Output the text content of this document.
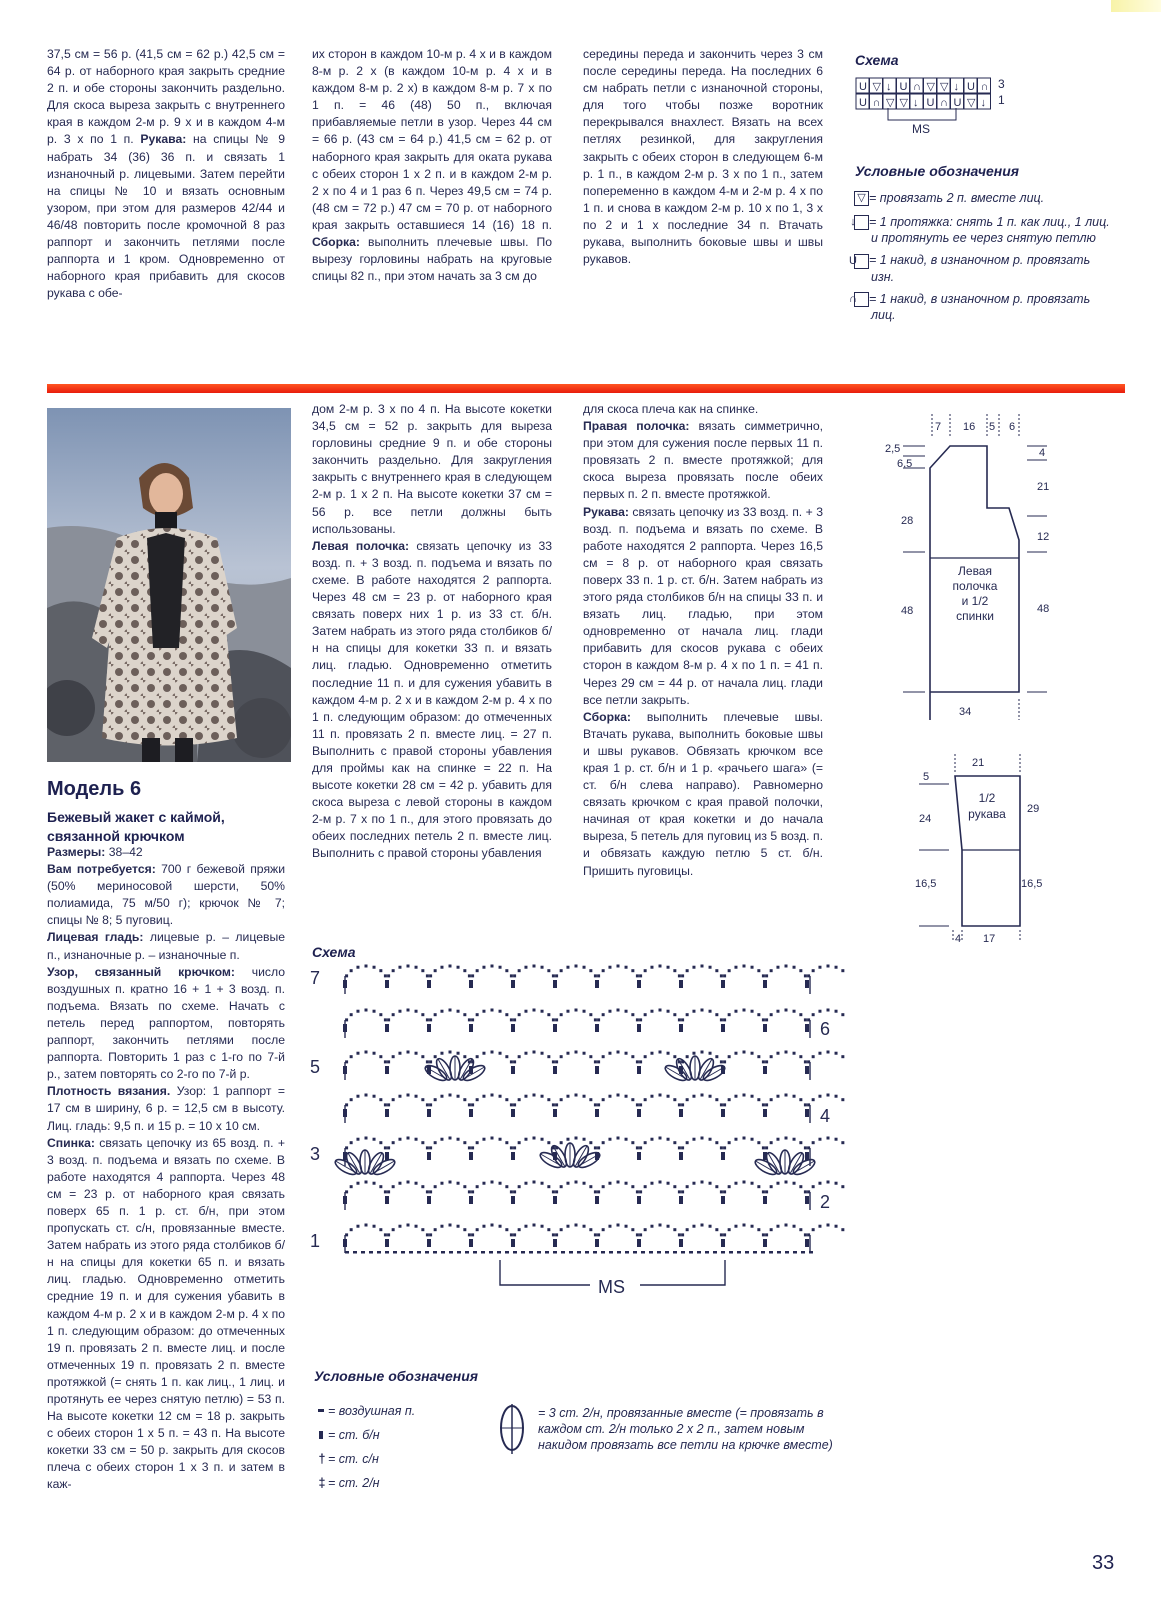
37,5 см = 56 р. (41,5 см = 62 р.) 42,5 см = 64 р. от наборного края закрыть средние 2 п. и обе стороны закончить раздельно. Для скоса выреза закрыть с внутреннего края в каждом 2-м р. 9 х и в каждом 4-м р. 3 х по 1 п. Рукава: на спицы № 9 набрать 34 (36) 36 п. и связать 1 изнаночный р. лицевыми. Затем перейти на спицы № 10 и вязать основным узором, при этом для размеров 42/44 и 46/48 повторить после кромочной 8 раз раппорт и закончить петлями после раппорта и 1 кром. Одновременно от наборного края прибавить для скосов рукава с обе-

их сторон в каждом 10-м р. 4 х и в каждом 8-м р. 2 х (в каждом 10-м р. 4 х и в каждом 8-м р. 2 х) в каждом 8-м р. 7 х по 1 п. = 46 (48) 50 п., включая прибавляемые петли в узор. Через 44 см = 66 р. (43 см = 64 р.) 41,5 см = 62 р. от наборного края закрыть для оката рукава с обеих сторон 1 х 2 п. и в каждом 2-м р. 2 х по 4 и 1 раз 6 п. Через 49,5 см = 74 р. (48 см = 72 р.) 47 см = 70 р. от наборного края закрыть оставшиеся 14 (16) 18 п. Сборка: выполнить плечевые швы. По вырезу горловины набрать на круговые спицы 82 п., при этом начать за 3 см до

середины переда и закончить через 3 см после середины переда. На последних 6 см набрать петли с изнаночной стороны, для того чтобы позже воротник перекрывался внахлест. Вязать на всех петлях резинкой, для закругления закрыть с обеих сторон в следующем 6-м р. 1 п., в каждом 2-м р. 3 х по 1 п., затем попеременно в каждом 4-м и 2-м р. 4 х по 1 п. и снова в каждом 2-м р. 10 х по 1, 3 х по 2 и 1 х последние 34 п. Втачать рукава, выполнить боковые швы и швы рукавов.

Схема
U ▽ ↓ U ∩ ▽ ▽ ↓ U ∩
U ∩ ▽ ▽ ↓ U ∩ U ▽ ↓
3
1
MS
Условные обозначения
▽ = провязать 2 п. вместе лиц.
↓ = 1 протяжка: снять 1 п. как лиц., 1 лиц. и протянуть ее через снятую петлю
U = 1 накид, в изнаночном р. провязать изн.
∩ = 1 накид, в изнаночном р. провязать лиц.
Модель 6
Бежевый жакет с каймой, связанной крючком

Размеры: 38–42

Вам потребуется: 700 г бежевой пряжи (50% мериносовой шерсти, 50% полиамида, 75 м/50 г); крючок № 7; спицы № 8; 5 пуговиц.

Лицевая гладь: лицевые р. – лицевые п., изнаночные р. – изнаночные п.

Узор, связанный крючком: число воздушных п. кратно 16 + 1 + 3 возд. п. подъема. Вязать по схеме. Начать с петель перед раппортом, повторять раппорт, закончить петлями после раппорта. Повторить 1 раз с 1-го по 7-й р., затем повторять со 2-го по 7-й р.

Плотность вязания. Узор: 1 раппорт = 17 см в ширину, 6 р. = 12,5 см в высоту. Лиц. гладь: 9,5 п. и 15 р. = 10 х 10 см.

Спинка: связать цепочку из 65 возд. п. + 3 возд. п. подъема и вязать по схеме. В работе находятся 4 раппорта. Через 48 см = 23 р. от наборного края связать поверх 65 п. 1 р. ст. б/н, при этом пропускать ст. с/н, провязанные вместе. Затем набрать из этого ряда столбиков б/н на спицы для кокетки 65 п. и вязать лиц. гладью. Одновременно отметить средние 19 п. и для сужения убавить в каждом 4-м р. 2 х и в каждом 2-м р. 4 х по 1 п. следующим образом: до отмеченных 19 п. провязать 2 п. вместе лиц. и после отмеченных 19 п. провязать 2 п. вместе протяжкой (= снять 1 п. как лиц., 1 лиц. и протянуть ее через снятую петлю) = 53 п. На высоте кокетки 12 см = 18 р. закрыть с обеих сторон 1 х 5 п. = 43 п. На высоте кокетки 33 см = 50 р. закрыть для скосов плеча с обеих сторон 1 х 3 п. и затем в каж-

дом 2-м р. 3 х по 4 п. На высоте кокетки 34,5 см = 52 р. закрыть для выреза горловины средние 9 п. и обе стороны закончить раздельно. Для закругления закрыть с внутреннего края в следующем 2-м р. 1 х 2 п. На высоте кокетки 37 см = 56 р. все петли должны быть использованы.

Левая полочка: связать цепочку из 33 возд. п. + 3 возд. п. подъема и вязать по схеме. В работе находятся 2 раппорта. Через 48 см = 23 р. от наборного края связать поверх них 1 р. из 33 ст. б/н. Затем набрать из этого ряда столбиков б/н на спицы для кокетки 33 п. и вязать лиц. гладью. Одновременно отметить последние 11 п. и для сужения убавить в каждом 4-м р. 2 х и в каждом 2-м р. 4 х по 1 п. следующим образом: до отмеченных 11 п. провязать 2 п. вместе лиц. = 27 п. Выполнить с правой стороны убавления для проймы как на спинке = 22 п. На высоте кокетки 28 см = 42 р. убавить для скоса выреза с левой стороны в каждом 2-м р. 7 х по 1 п., для этого провязать до обеих последних петель 2 п. вместе лиц. Выполнить с правой стороны убавления

для скоса плеча как на спинке.

Правая полочка: вязать симметрично, при этом для сужения после первых 11 п. провязать 2 п. вместе протяжкой; для скоса выреза провязать после обеих первых п. 2 п. вместе протяжкой.

Рукава: связать цепочку из 33 возд. п. + 3 возд. п. подъема и вязать по схеме. В работе находятся 2 раппорта. Через 16,5 см = 8 р. от наборного края связать поверх 33 п. 1 р. ст. б/н. Затем набрать из этого ряда столбиков б/н на спицы 33 п. и вязать лиц. гладью, при этом одновременно от начала лиц. глади прибавить для скосов рукава с обеих сторон в каждом 8-м р. 4 х по 1 п. = 41 п. Через 29 см = 44 р. от начала лиц. глади все петли закрыть.

Сборка: выполнить плечевые швы. Втачать рукава, выполнить боковые швы и швы рукавов. Обвязать крючком все края 1 р. ст. б/н и 1 р. «рачьего шага» (= ст. б/н слева направо). Равномерно связать крючком с края правой полочки, начиная от края кокетки и до начала выреза, 5 петель для пуговиц из 5 возд. п. и обвязать каждую петлю 5 ст. б/н. Пришить пуговицы.

7 16 5 6
2,5
6,5
28
48
4
21
12
48
34
Левая
полочка
и 1/2
спинки
21
5
24
16,5
29
16,5
4 17
1/2
рукава
Схема
7
5
3
1
6
4
2
MS
Условные обозначения
= воздушная п.
= ст. б/н
† = ст. с/н
‡ = ст. 2/н
= 3 ст. 2/н, провязанные вместе (= провязать в каждом ст. 2/н только 2 х 2 п., затем новым накидом провязать все петли на крючке вместе)
33
